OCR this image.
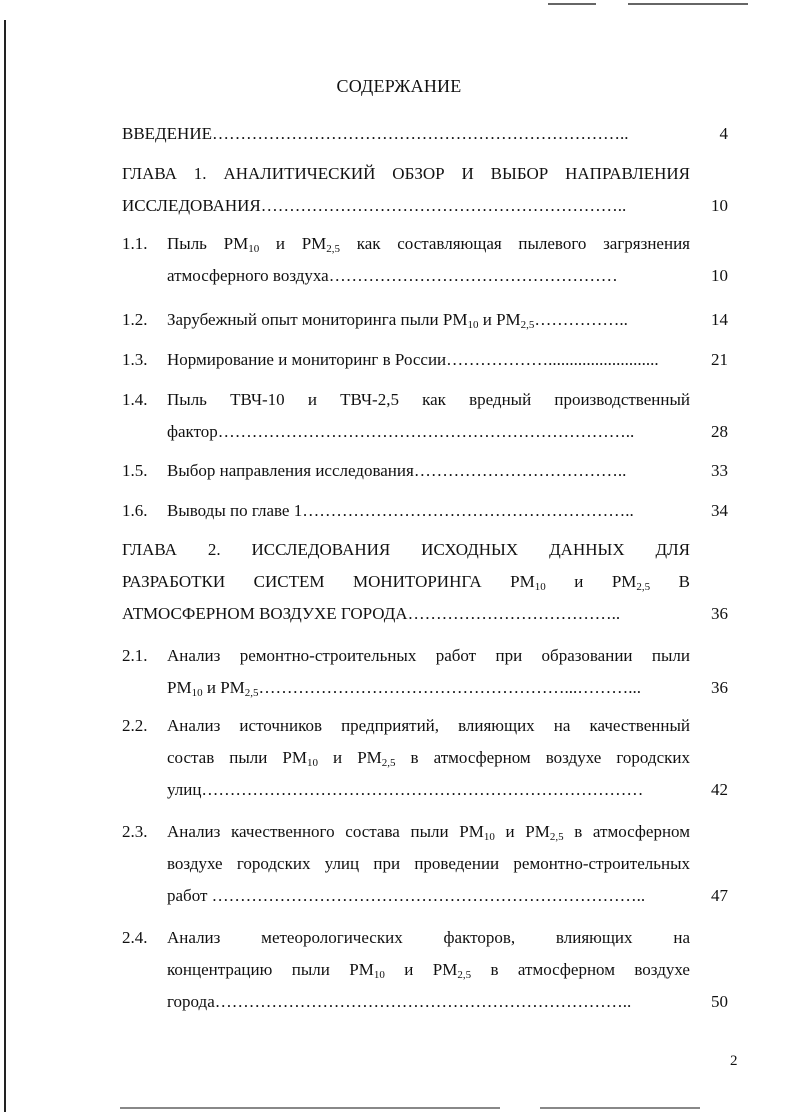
СОДЕРЖАНИЕ
ВВЕДЕНИЕ………………………………………………………………..	4
ГЛАВА 1. АНАЛИТИЧЕСКИЙ ОБЗОР И ВЫБОР НАПРАВЛЕНИЯ
ИССЛЕДОВАНИЯ………………………………………………………..	10
1.1. Пыль $PM_{10}$ и $PM_{2,5}$ как составляющая пылевого загрязнения
атмосферного воздуха……………………………………………	10
1.2. Зарубежный опыт мониторинга пыли $PM_{10}$ и $PM_{2,5}\dots\dots\dots\dots\dots$..	14
1.3. Нормирование и мониторинг в России………………..........................	21
1.4. Пыль ТВЧ-10 и ТВЧ-2,5 как вредный производственный
фактор………………………………………………………………..	28
1.5. Выбор направления исследования………………………………..	33
1.6. Выводы по главе 1…………………………………………………..	34
ГЛАВА 2. ИССЛЕДОВАНИЯ ИСХОДНЫХ ДАННЫХ ДЛЯ
РАЗРАБОТКИ СИСТЕМ МОНИТОРИНГА $PM_{10}$ и $PM_{2,5}$ В
АТМОСФЕРНОМ ВОЗДУХЕ ГОРОДА………………………………..	36
2.1. Анализ ремонтно-строительных работ при образовании пыли
$PM_{10}$ и $PM_{2,5}\dots\dots\dots\dots\dots\dots\dots\dots\dots\dots\dots\dots\dots\dots\dots\dots\dots\dots...\dots\dots\dots$...	36
2.2. Анализ источников предприятий, влияющих на качественный
состав пыли $PM_{10}$ и $PM_{2,5}$ в атмосферном воздухе городских
улиц……………………………………………………………………	42
2.3. Анализ качественного состава пыли $PM_{10}$ и $PM_{2,5}$ в атмосферном
воздухе городских улиц при проведении ремонтно-строительных
работ …………………………………………………………………..	47
2.4. Анализ метеорологических факторов, влияющих на
концентрацию пыли $PM_{10}$ и $PM_{2,5}$ в атмосферном воздухе
города………………………………………………………………..	50
2
